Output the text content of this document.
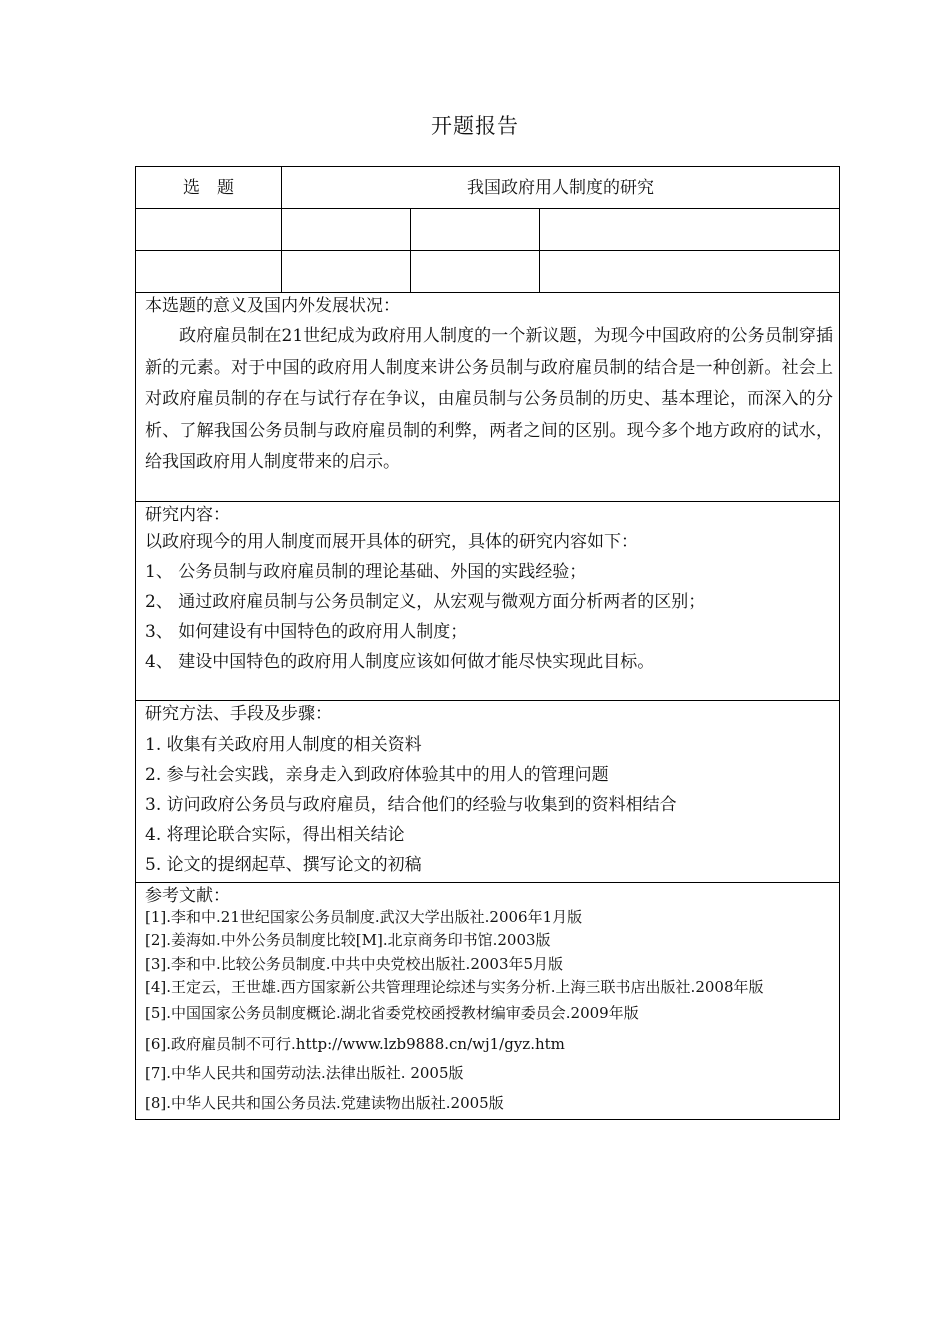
开题报告
选　题	我国政府用人制度的研究
本选题的意义及国内外发展状况：
政府雇员制在21世纪成为政府用人制度的一个新议题，为现今中国政府的公务员制穿插新的元素。对于中国的政府用人制度来讲公务员制与政府雇员制的结合是一种创新。社会上对政府雇员制的存在与试行存在争议，由雇员制与公务员制的历史、基本理论，而深入的分析、了解我国公务员制与政府雇员制的利弊，两者之间的区别。现今多个地方政府的试水，给我国政府用人制度带来的启示。
研究内容：
以政府现今的用人制度而展开具体的研究，具体的研究内容如下：
1、 公务员制与政府雇员制的理论基础、外国的实践经验；
2、 通过政府雇员制与公务员制定义，从宏观与微观方面分析两者的区别；
3、 如何建设有中国特色的政府用人制度；
4、 建设中国特色的政府用人制度应该如何做才能尽快实现此目标。
研究方法、手段及步骤：
1. 收集有关政府用人制度的相关资料
2. 参与社会实践，亲身走入到政府体验其中的用人的管理问题
3. 访问政府公务员与政府雇员，结合他们的经验与收集到的资料相结合
4. 将理论联合实际，得出相关结论
5. 论文的提纲起草、撰写论文的初稿
参考文献：
[1].李和中.21世纪国家公务员制度.武汉大学出版社.2006年1月版
[2].姜海如.中外公务员制度比较[M].北京商务印书馆.2003版
[3].李和中.比较公务员制度.中共中央党校出版社.2003年5月版
[4].王定云，王世雄.西方国家新公共管理理论综述与实务分析.上海三联书店出版社.2008年版
[5].中国国家公务员制度概论.湖北省委党校函授教材编审委员会.2009年版
[6].政府雇员制不可行.http://www.lzb9888.cn/wj1/gyz.htm
[7].中华人民共和国劳动法.法律出版社. 2005版
[8].中华人民共和国公务员法.党建读物出版社.2005版
